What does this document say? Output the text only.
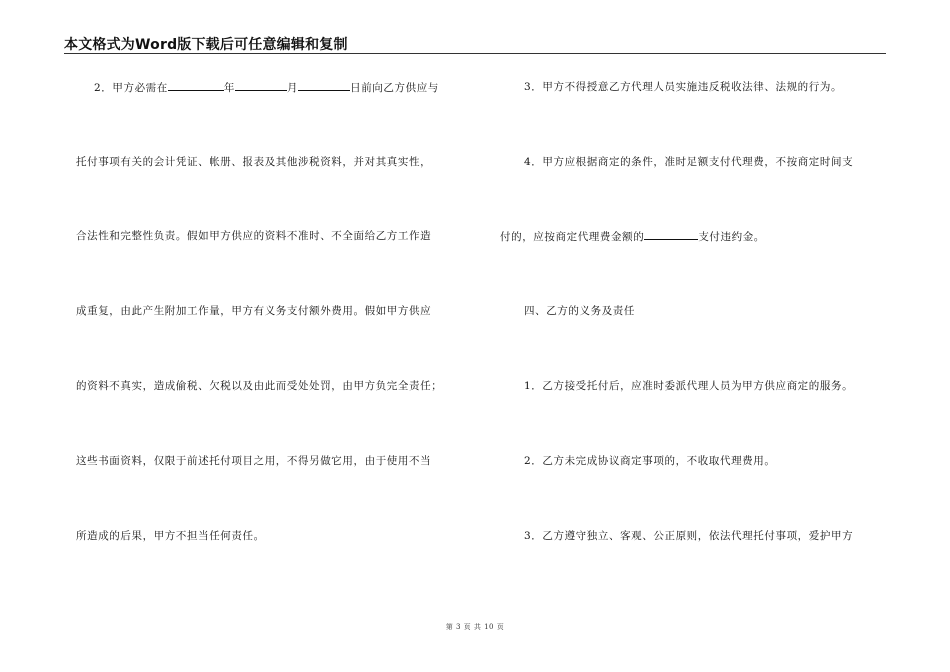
本文格式为Word版下载后可任意编辑和复制
2．甲方必需在	年	月	日前向乙方供应与
托付事项有关的会计凭证、帐册、报表及其他涉税资料，并对其真实性，
合法性和完整性负责。假如甲方供应的资料不准时、不全面给乙方工作造
成重复，由此产生附加工作量，甲方有义务支付额外费用。假如甲方供应
的资料不真实，造成偷税、欠税以及由此而受处处罚，由甲方负完全责任；
这些书面资料，仅限于前述托付项目之用，不得另做它用，由于使用不当
所造成的后果，甲方不担当任何责任。
3．甲方不得授意乙方代理人员实施违反税收法律、法规的行为。
4．甲方应根据商定的条件，准时足额支付代理费，不按商定时间支
付的，应按商定代理费金额的	支付违约金。
四、乙方的义务及责任
1．乙方接受托付后，应准时委派代理人员为甲方供应商定的服务。
2．乙方未完成协议商定事项的，不收取代理费用。
3．乙方遵守独立、客观、公正原则，依法代理托付事项，爱护甲方
第 3 页 共 10 页
